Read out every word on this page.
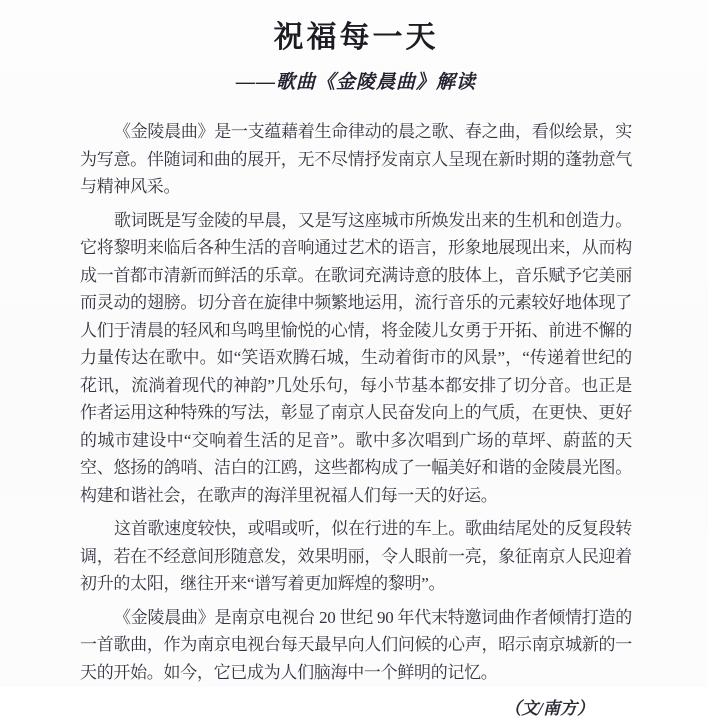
祝福每一天
——歌曲《金陵晨曲》解读

《金陵晨曲》是一支蕴藉着生命律动的晨之歌、春之曲，看似绘景，实为写意。伴随词和曲的展开，无不尽情抒发南京人呈现在新时期的蓬勃意气与精神风采。

歌词既是写金陵的早晨，又是写这座城市所焕发出来的生机和创造力。它将黎明来临后各种生活的音响通过艺术的语言，形象地展现出来，从而构成一首都市清新而鲜活的乐章。在歌词充满诗意的肢体上，音乐赋予它美丽而灵动的翅膀。切分音在旋律中频繁地运用，流行音乐的元素较好地体现了人们于清晨的轻风和鸟鸣里愉悦的心情，将金陵儿女勇于开拓、前进不懈的力量传达在歌中。如“笑语欢腾石城，生动着街市的风景”，“传递着世纪的花讯，流淌着现代的神韵”几处乐句，每小节基本都安排了切分音。也正是作者运用这种特殊的写法，彰显了南京人民奋发向上的气质，在更快、更好的城市建设中“交响着生活的足音”。歌中多次唱到广场的草坪、蔚蓝的天空、悠扬的鸽哨、洁白的江鸥，这些都构成了一幅美好和谐的金陵晨光图。构建和谐社会，在歌声的海洋里祝福人们每一天的好运。

这首歌速度较快，或唱或听，似在行进的车上。歌曲结尾处的反复段转调，若在不经意间形随意发，效果明丽，令人眼前一亮，象征南京人民迎着初升的太阳，继往开来“谱写着更加辉煌的黎明”。

《金陵晨曲》是南京电视台 20 世纪 90 年代末特邀词曲作者倾情打造的一首歌曲，作为南京电视台每天最早向人们问候的心声，昭示南京城新的一天的开始。如今，它已成为人们脑海中一个鲜明的记忆。

（文/南方）
